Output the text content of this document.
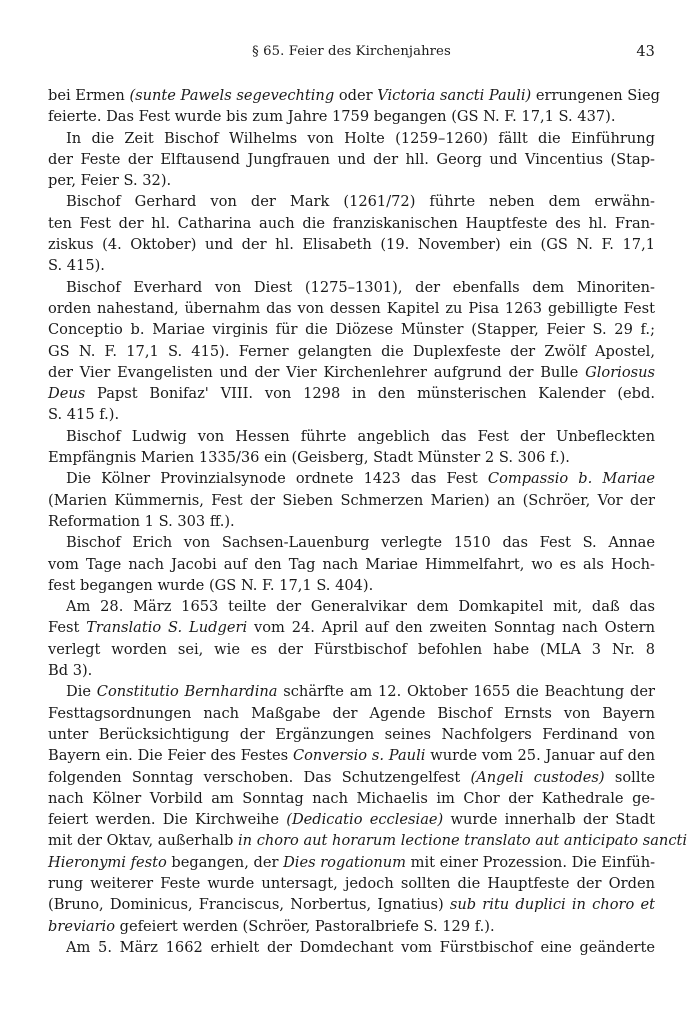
§ 65. Feier des Kirchenjahres	43
bei Ermen (sunte Pawels segevechting oder Victoria sancti Pauli) errungenen Sieg
feierte. Das Fest wurde bis zum Jahre 1759 begangen (GS N. F. 17,1 S. 437).
In die Zeit Bischof Wilhelms von Holte (1259–1260) fällt die Einführung
der Feste der Elftausend Jungfrauen und der hll. Georg und Vincentius (Stap-
per, Feier S. 32).
Bischof Gerhard von der Mark (1261/72) führte neben dem erwähn-
ten Fest der hl. Catharina auch die franziskanischen Hauptfeste des hl. Fran-
ziskus (4. Oktober) und der hl. Elisabeth (19. November) ein (GS N. F. 17,1
S. 415).
Bischof Everhard von Diest (1275–1301), der ebenfalls dem Minoriten-
orden nahestand, übernahm das von dessen Kapitel zu Pisa 1263 gebilligte Fest
Conceptio b. Mariae virginis für die Diözese Münster (Stapper, Feier S. 29 f.;
GS N. F. 17,1 S. 415). Ferner gelangten die Duplexfeste der Zwölf Apostel,
der Vier Evangelisten und der Vier Kirchenlehrer aufgrund der Bulle Gloriosus
Deus Papst Bonifaz' VIII. von 1298 in den münsterischen Kalender (ebd.
S. 415 f.).
Bischof Ludwig von Hessen führte angeblich das Fest der Unbefleckten
Empfängnis Marien 1335/36 ein (Geisberg, Stadt Münster 2 S. 306 f.).
Die Kölner Provinzialsynode ordnete 1423 das Fest Compassio b. Mariae
(Marien Kümmernis, Fest der Sieben Schmerzen Marien) an (Schröer, Vor der
Reformation 1 S. 303 ff.).
Bischof Erich von Sachsen-Lauenburg verlegte 1510 das Fest S. Annae
vom Tage nach Jacobi auf den Tag nach Mariae Himmelfahrt, wo es als Hoch-
fest begangen wurde (GS N. F. 17,1 S. 404).
Am 28. März 1653 teilte der Generalvikar dem Domkapitel mit, daß das
Fest Translatio S. Ludgeri vom 24. April auf den zweiten Sonntag nach Ostern
verlegt worden sei, wie es der Fürstbischof befohlen habe (MLA 3 Nr. 8
Bd 3).
Die Constitutio Bernhardina schärfte am 12. Oktober 1655 die Beachtung der
Festtagsordnungen nach Maßgabe der Agende Bischof Ernsts von Bayern
unter Berücksichtigung der Ergänzungen seines Nachfolgers Ferdinand von
Bayern ein. Die Feier des Festes Conversio s. Pauli wurde vom 25. Januar auf den
folgenden Sonntag verschoben. Das Schutzengelfest (Angeli custodes) sollte
nach Kölner Vorbild am Sonntag nach Michaelis im Chor der Kathedrale ge-
feiert werden. Die Kirchweihe (Dedicatio ecclesiae) wurde innerhalb der Stadt
mit der Oktav, außerhalb in choro aut horarum lectione translato aut anticipato sancti
Hieronymi festo begangen, der Dies rogationum mit einer Prozession. Die Einfüh-
rung weiterer Feste wurde untersagt, jedoch sollten die Hauptfeste der Orden
(Bruno, Dominicus, Franciscus, Norbertus, Ignatius) sub ritu duplici in choro et
breviario gefeiert werden (Schröer, Pastoralbriefe S. 129 f.).
Am 5. März 1662 erhielt der Domdechant vom Fürstbischof eine geänderte
